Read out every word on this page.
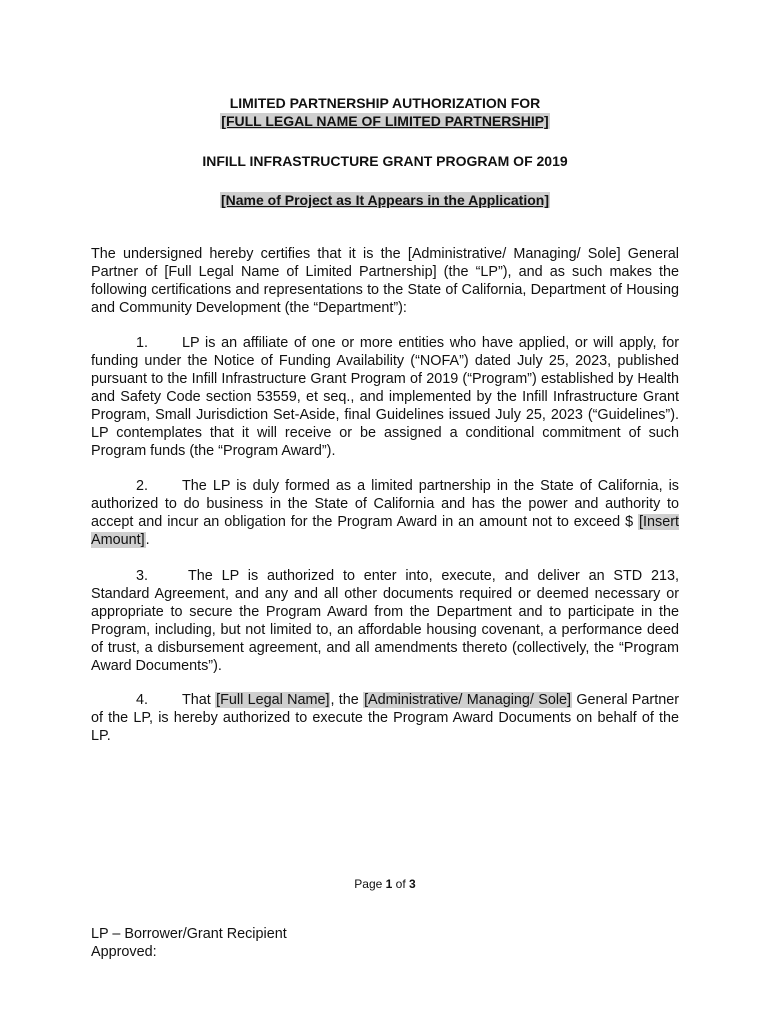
LIMITED PARTNERSHIP AUTHORIZATION FOR
[FULL LEGAL NAME OF LIMITED PARTNERSHIP]
INFILL INFRASTRUCTURE GRANT PROGRAM OF 2019
[Name of Project as It Appears in the Application]
The undersigned hereby certifies that it is the [Administrative/ Managing/ Sole] General Partner of [Full Legal Name of Limited Partnership] (the “LP”), and as such makes the following certifications and representations to the State of California, Department of Housing and Community Development (the “Department”):
1. LP is an affiliate of one or more entities who have applied, or will apply, for funding under the Notice of Funding Availability (“NOFA”) dated July 25, 2023, published pursuant to the Infill Infrastructure Grant Program of 2019 (“Program”) established by Health and Safety Code section 53559, et seq., and implemented by the Infill Infrastructure Grant Program, Small Jurisdiction Set-Aside, final Guidelines issued July 25, 2023 (“Guidelines”). LP contemplates that it will receive or be assigned a conditional commitment of such Program funds (the “Program Award”).
2. The LP is duly formed as a limited partnership in the State of California, is authorized to do business in the State of California and has the power and authority to accept and incur an obligation for the Program Award in an amount not to exceed $ [Insert Amount].
3.	The LP is authorized to enter into, execute, and deliver an STD 213, Standard Agreement, and any and all other documents required or deemed necessary or appropriate to secure the Program Award from the Department and to participate in the Program, including, but not limited to, an affordable housing covenant, a performance deed of trust, a disbursement agreement, and all amendments thereto (collectively, the “Program Award Documents”).
4. That [Full Legal Name], the [Administrative/ Managing/ Sole] General Partner of the LP, is hereby authorized to execute the Program Award Documents on behalf of the LP.
Page 1 of 3
LP – Borrower/Grant Recipient
Approved:
